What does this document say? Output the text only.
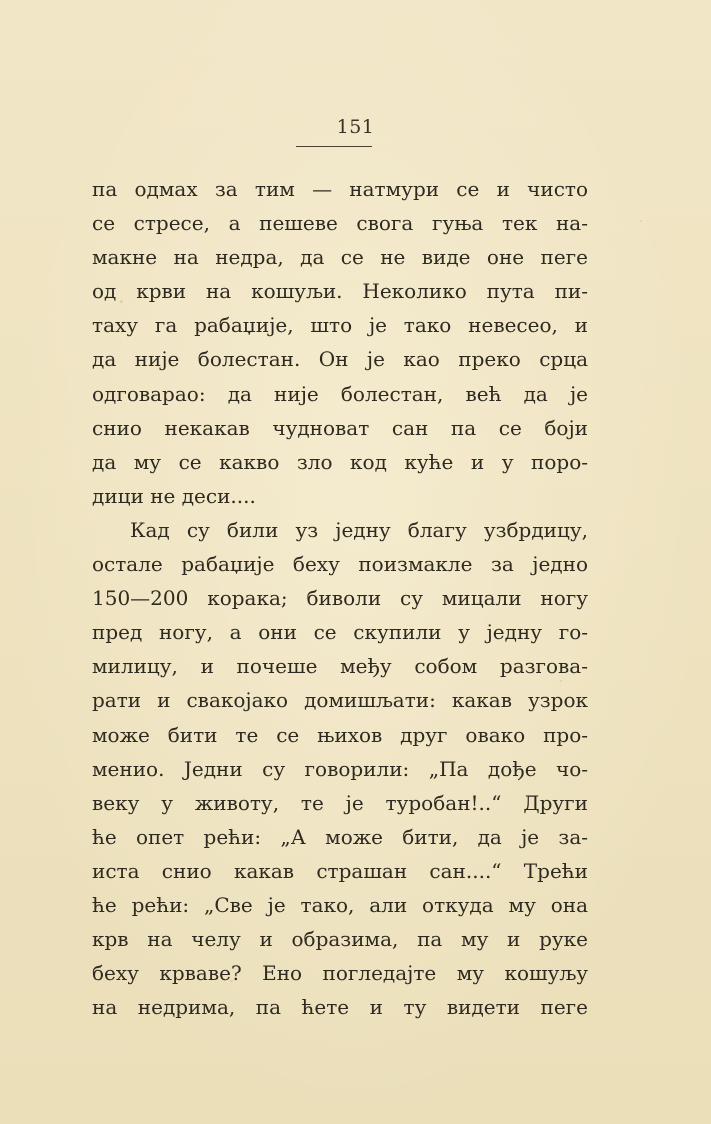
151
па одмах за тим — натмури се и чисто
се стресе, а пешеве свога гуња тек на-
макне на недра, да се не виде оне пеге
од крви на кошуљи. Неколико пута пи-
таху га рабаџије, што је тако невесео, и
да није болестан. Он је као преко срца
одговарао: да није болестан, већ да је
снио некакав чудноват сан па се боји
да му се какво зло код куће и у поро-
дици не деси....
Кад су били уз једну благу узбрдицу,
остале рабаџије беху поизмакле за једно
150—200 корака; биволи су мицали ногу
пред ногу, а они се скупили у једну го-
милицу, и почеше међу собом разгова-
рати и свакојако домишљати: какав узрок
може бити те се њихов друг овако про-
менио. Једни су говорили: „Па дође чо-
веку у животу, те је туробан!..“ Други
ће опет рећи: „А може бити, да је за-
иста снио какав страшан сан....“ Трећи
ће рећи: „Све је тако, али откуда му она
крв на челу и образима, па му и руке
беху крваве? Ено погледајте му кошуљу
на недрима, па ћете и ту видети пеге
